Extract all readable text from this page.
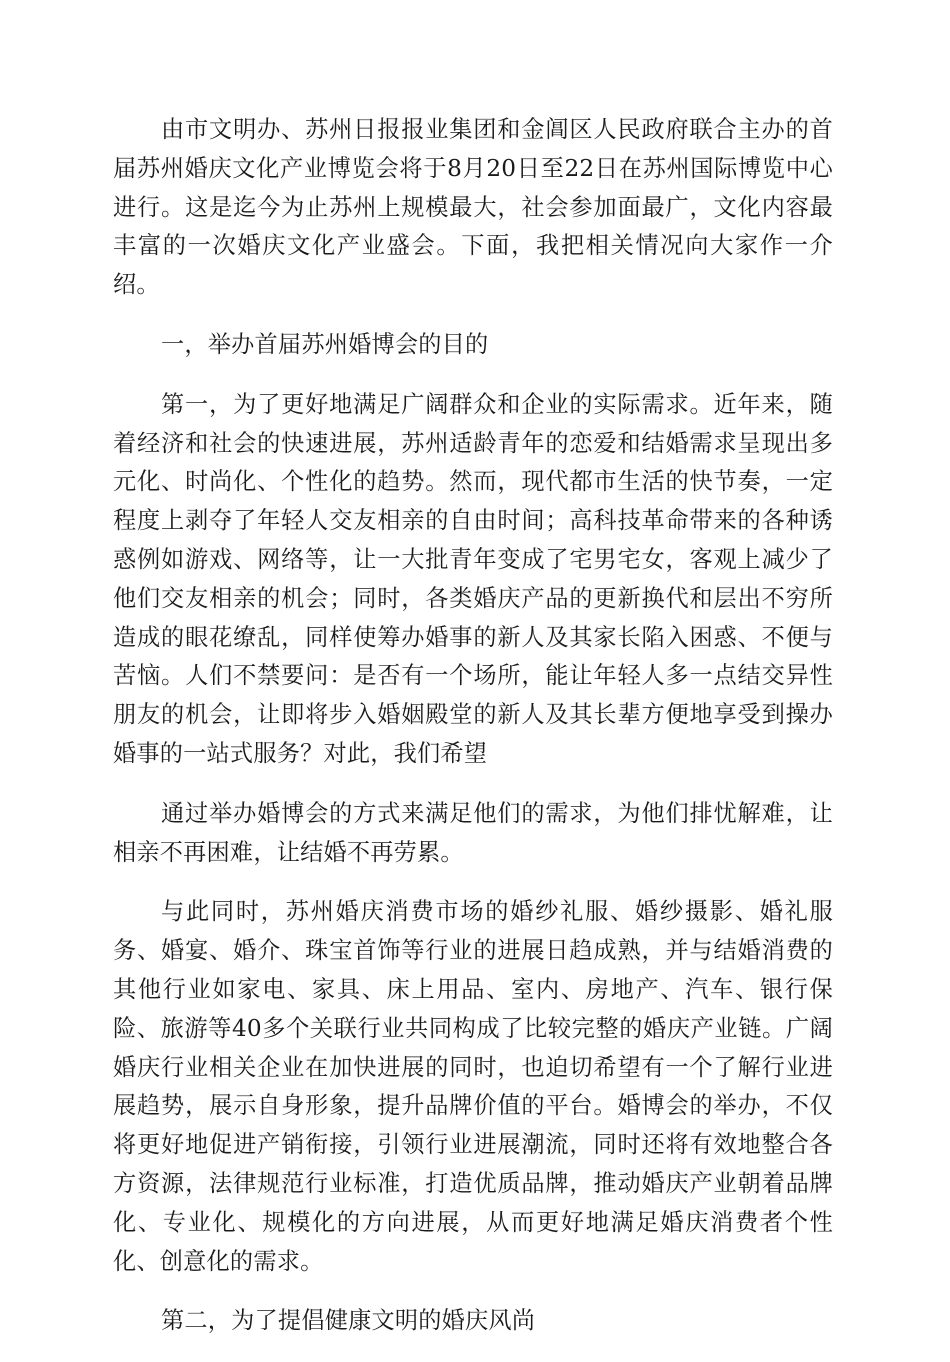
由市文明办、苏州日报报业集团和金阊区人民政府联合主办的首届苏州婚庆文化产业博览会将于8月20日至22日在苏州国际博览中心进行。这是迄今为止苏州上规模最大，社会参加面最广，文化内容最丰富的一次婚庆文化产业盛会。下面，我把相关情况向大家作一介绍。

一，举办首届苏州婚博会的目的

第一，为了更好地满足广阔群众和企业的实际需求。近年来，随着经济和社会的快速进展，苏州适龄青年的恋爱和结婚需求呈现出多元化、时尚化、个性化的趋势。然而，现代都市生活的快节奏，一定程度上剥夺了年轻人交友相亲的自由时间；高科技革命带来的各种诱惑例如游戏、网络等，让一大批青年变成了宅男宅女，客观上减少了他们交友相亲的机会；同时，各类婚庆产品的更新换代和层出不穷所造成的眼花缭乱，同样使筹办婚事的新人及其家长陷入困惑、不便与苦恼。人们不禁要问：是否有一个场所，能让年轻人多一点结交异性朋友的机会，让即将步入婚姻殿堂的新人及其长辈方便地享受到操办婚事的一站式服务？对此，我们希望

通过举办婚博会的方式来满足他们的需求，为他们排忧解难，让相亲不再困难，让结婚不再劳累。

与此同时，苏州婚庆消费市场的婚纱礼服、婚纱摄影、婚礼服务、婚宴、婚介、珠宝首饰等行业的进展日趋成熟，并与结婚消费的其他行业如家电、家具、床上用品、室内、房地产、汽车、银行保险、旅游等40多个关联行业共同构成了比较完整的婚庆产业链。广阔婚庆行业相关企业在加快进展的同时，也迫切希望有一个了解行业进展趋势，展示自身形象，提升品牌价值的平台。婚博会的举办，不仅将更好地促进产销衔接，引领行业进展潮流，同时还将有效地整合各方资源，法律规范行业标准，打造优质品牌，推动婚庆产业朝着品牌化、专业化、规模化的方向进展，从而更好地满足婚庆消费者个性化、创意化的需求。

第二，为了提倡健康文明的婚庆风尚
